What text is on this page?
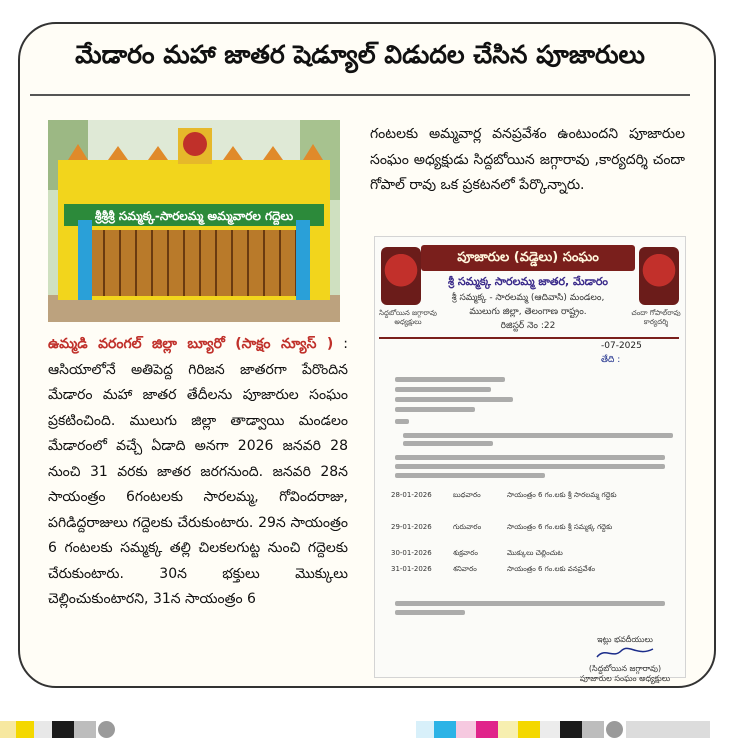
మేడారం మహా జాతర షెడ్యూల్ విడుదల చేసిన పూజారులు
శ్రీశ్రీశ్రీ సమ్మక్క-సారలమ్మ అమ్మవారల గద్దెలు
ఉమ్మడి వరంగల్ జిల్లా బ్యూరో (సాక్షం న్యూస్ ) : ఆసియాలోనే అతిపెద్ద గిరిజన జాతరగా పేరొందిన మేడారం మహా జాతర తేదీలను పూజారుల సంఘం ప్రకటించింది. ములుగు జిల్లా తాడ్వాయి మండలం మేడారంలో వచ్చే ఏడాది అనగా 2026 జనవరి 28 నుంచి 31 వరకు జాతర జరగనుంది. జనవరి 28న సాయంత్రం 6గంటలకు సారలమ్మ, గోవిందరాజు, పగిడిద్దరాజులు గద్దెలకు చేరుకుంటారు. 29న సాయంత్రం 6 గంటలకు సమ్మక్క తల్లి చిలకలగుట్ట నుంచి గద్దెలకు చేరుకుంటారు. 30న భక్తులు మొక్కులు చెల్లించుకుంటారని, 31న సాయంత్రం 6
గంటలకు అమ్మవార్ల వనప్రవేశం ఉంటుందని పూజారుల సంఘం అధ్యక్షుడు సిద్దబోయిన జగ్గారావు ,కార్యదర్శి చందా గోపాల్ రావు ఒక ప్రకటనలో పేర్కొన్నారు.
పూజారుల (వడ్డెలు) సంఘం
శ్రీ సమ్మక్క సారలమ్మ జాతర, మేడారం
శ్రీ సమ్మక్క - సారలమ్మ (ఆదివాసి) మండలం,
ములుగు జిల్లా, తెలంగాణ రాష్ట్రం.
రిజిస్టర్ నెం :22
సిద్దబోయిన జగ్గారావు అధ్యక్షులు
చందా గోపాల్‌రావు కార్యదర్శి
-07-2025
తేది :
28-01-2026	బుధవారం	సాయంత్రం 6 గం.లకు శ్రీ సారలమ్మ గద్దెకు
29-01-2026	గురువారం	సాయంత్రం 6 గం.లకు శ్రీ సమ్మక్క గద్దెకు
30-01-2026	శుక్రవారం	మొక్కులు చెల్లించుట
31-01-2026	శనివారం	సాయంత్రం 6 గం.లకు వనప్రవేశం
ఇట్లు భవదీయులు
(సిద్దబోయిన జగ్గారావు) పూజారుల సంఘం అధ్యక్షులు
